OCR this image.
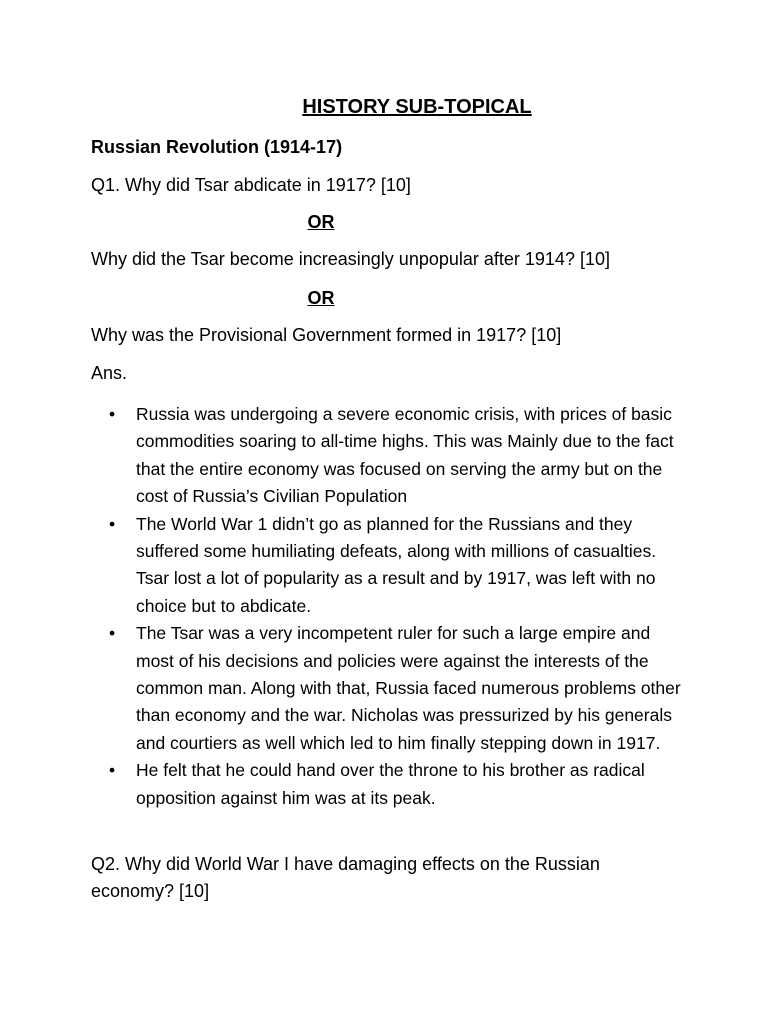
HISTORY SUB-TOPICAL
Russian Revolution (1914-17)
Q1. Why did Tsar abdicate in 1917? [10]
OR
Why did the Tsar become increasingly unpopular after 1914? [10]
OR
Why was the Provisional Government formed in 1917? [10]
Ans.
• Russia was undergoing a severe economic crisis, with prices of basic commodities soaring to all-time highs. This was Mainly due to the fact that the entire economy was focused on serving the army but on the cost of Russia’s Civilian Population
• The World War 1 didn’t go as planned for the Russians and they suffered some humiliating defeats, along with millions of casualties. Tsar lost a lot of popularity as a result and by 1917, was left with no choice but to abdicate.
• The Tsar was a very incompetent ruler for such a large empire and most of his decisions and policies were against the interests of the common man. Along with that, Russia faced numerous problems other than economy and the war. Nicholas was pressurized by his generals and courtiers as well which led to him finally stepping down in 1917.
• He felt that he could hand over the throne to his brother as radical opposition against him was at its peak.
Q2. Why did World War I have damaging effects on the Russian economy? [10]
